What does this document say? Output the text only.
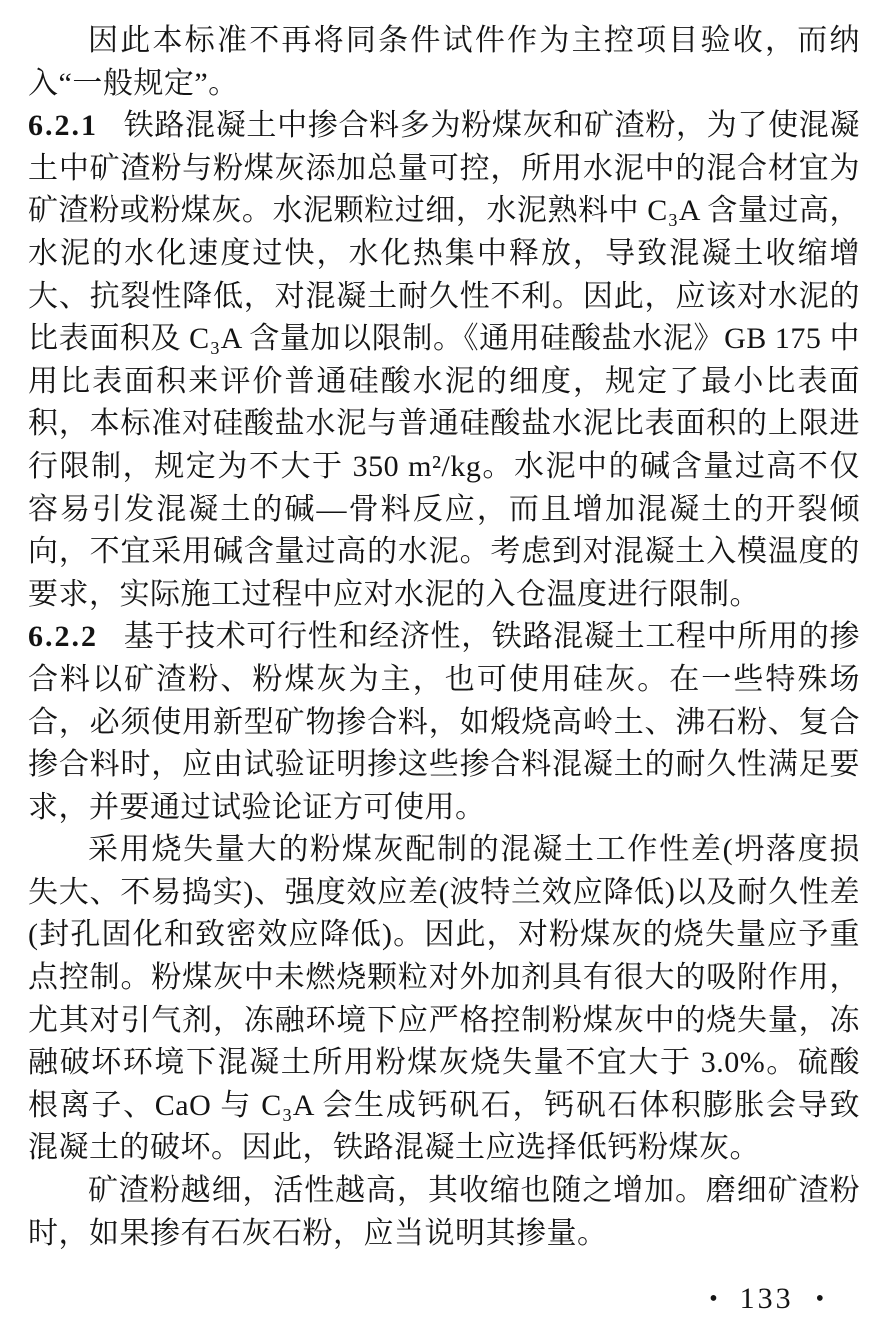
因此本标准不再将同条件试件作为主控项目验收，而纳入“一般规定”。

6.2.1 铁路混凝土中掺合料多为粉煤灰和矿渣粉，为了使混凝土中矿渣粉与粉煤灰添加总量可控，所用水泥中的混合材宜为矿渣粉或粉煤灰。水泥颗粒过细，水泥熟料中 C₃A 含量过高，水泥的水化速度过快，水化热集中释放，导致混凝土收缩增大、抗裂性降低，对混凝土耐久性不利。因此，应该对水泥的比表面积及 C₃A 含量加以限制。《通用硅酸盐水泥》GB 175 中用比表面积来评价普通硅酸水泥的细度，规定了最小比表面积，本标准对硅酸盐水泥与普通硅酸盐水泥比表面积的上限进行限制，规定为不大于 350 m²/kg。水泥中的碱含量过高不仅容易引发混凝土的碱—骨料反应，而且增加混凝土的开裂倾向，不宜采用碱含量过高的水泥。考虑到对混凝土入模温度的要求，实际施工过程中应对水泥的入仓温度进行限制。

6.2.2 基于技术可行性和经济性，铁路混凝土工程中所用的掺合料以矿渣粉、粉煤灰为主，也可使用硅灰。在一些特殊场合，必须使用新型矿物掺合料，如煅烧高岭土、沸石粉、复合掺合料时，应由试验证明掺这些掺合料混凝土的耐久性满足要求，并要通过试验论证方可使用。

采用烧失量大的粉煤灰配制的混凝土工作性差(坍落度损失大、不易捣实)、强度效应差(波特兰效应降低)以及耐久性差(封孔固化和致密效应降低)。因此，对粉煤灰的烧失量应予重点控制。粉煤灰中未燃烧颗粒对外加剂具有很大的吸附作用，尤其对引气剂，冻融环境下应严格控制粉煤灰中的烧失量，冻融破坏环境下混凝土所用粉煤灰烧失量不宜大于 3.0%。硫酸根离子、CaO 与 C₃A 会生成钙矾石，钙矾石体积膨胀会导致混凝土的破坏。因此，铁路混凝土应选择低钙粉煤灰。

矿渣粉越细，活性越高，其收缩也随之增加。磨细矿渣粉时，如果掺有石灰石粉，应当说明其掺量。

• 133 •
